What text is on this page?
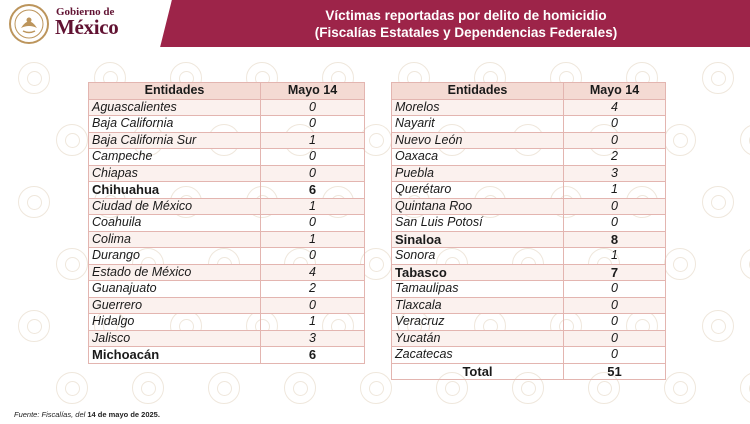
Gobierno de
México	Víctimas reportadas por delito de homicidio
(Fiscalías Estatales y Dependencias Federales)
Entidades	Mayo 14
Aguascalientes	0
Baja California	0
Baja California Sur	1
Campeche	0
Chiapas	0
Chihuahua	6
Ciudad de México	1
Coahuila	0
Colima	1
Durango	0
Estado de México	4
Guanajuato	2
Guerrero	0
Hidalgo	1
Jalisco	3
Michoacán	6
Entidades	Mayo 14
Morelos	4
Nayarit	0
Nuevo León	0
Oaxaca	2
Puebla	3
Querétaro	1
Quintana Roo	0
San Luis Potosí	0
Sinaloa	8
Sonora	1
Tabasco	7
Tamaulipas	0
Tlaxcala	0
Veracruz	0
Yucatán	0
Zacatecas	0
Total	51
Fuente: Fiscalías, del 14 de mayo de 2025.
